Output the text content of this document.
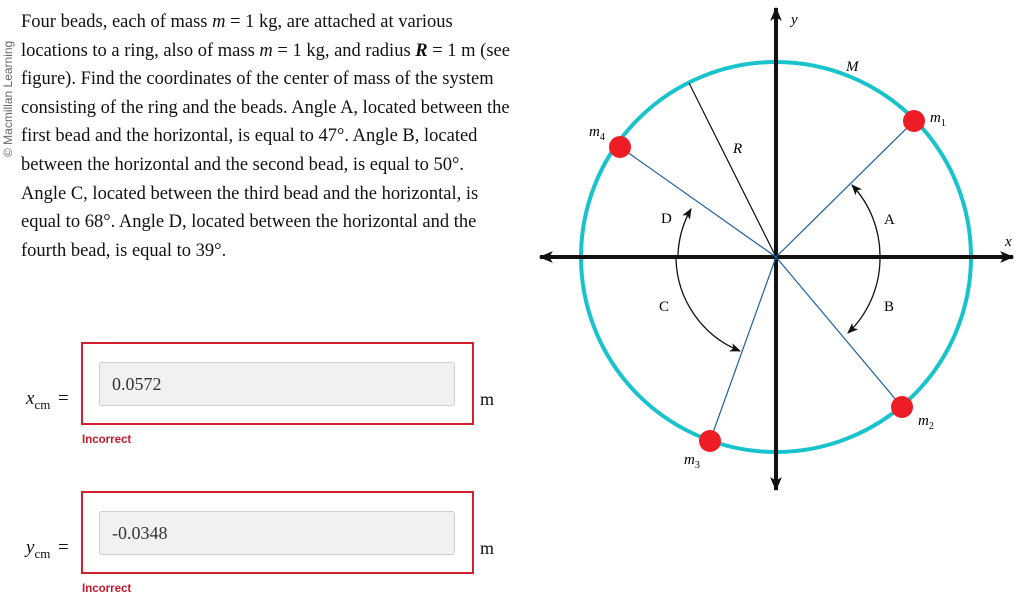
© Macmillan Learning

Four beads, each of mass m = 1 kg, are attached at various locations to a ring, also of mass m = 1 kg, and radius R = 1 m (see figure). Find the coordinates of the center of mass of the system consisting of the ring and the beads. Angle A, located between the first bead and the horizontal, is equal to 47°. Angle B, located between the horizontal and the second bead, is equal to 50°. Angle C, located between the third bead and the horizontal, is equal to 68°. Angle D, located between the horizontal and the fourth bead, is equal to 39°.

$x_{cm}$ =
0.0572
m
Incorrect
$y_{cm}$ =
-0.0348
m
Incorrect
y
x
M
R
$m_1$
$m_2$
$m_3$
$m_4$
A
B
C
D
